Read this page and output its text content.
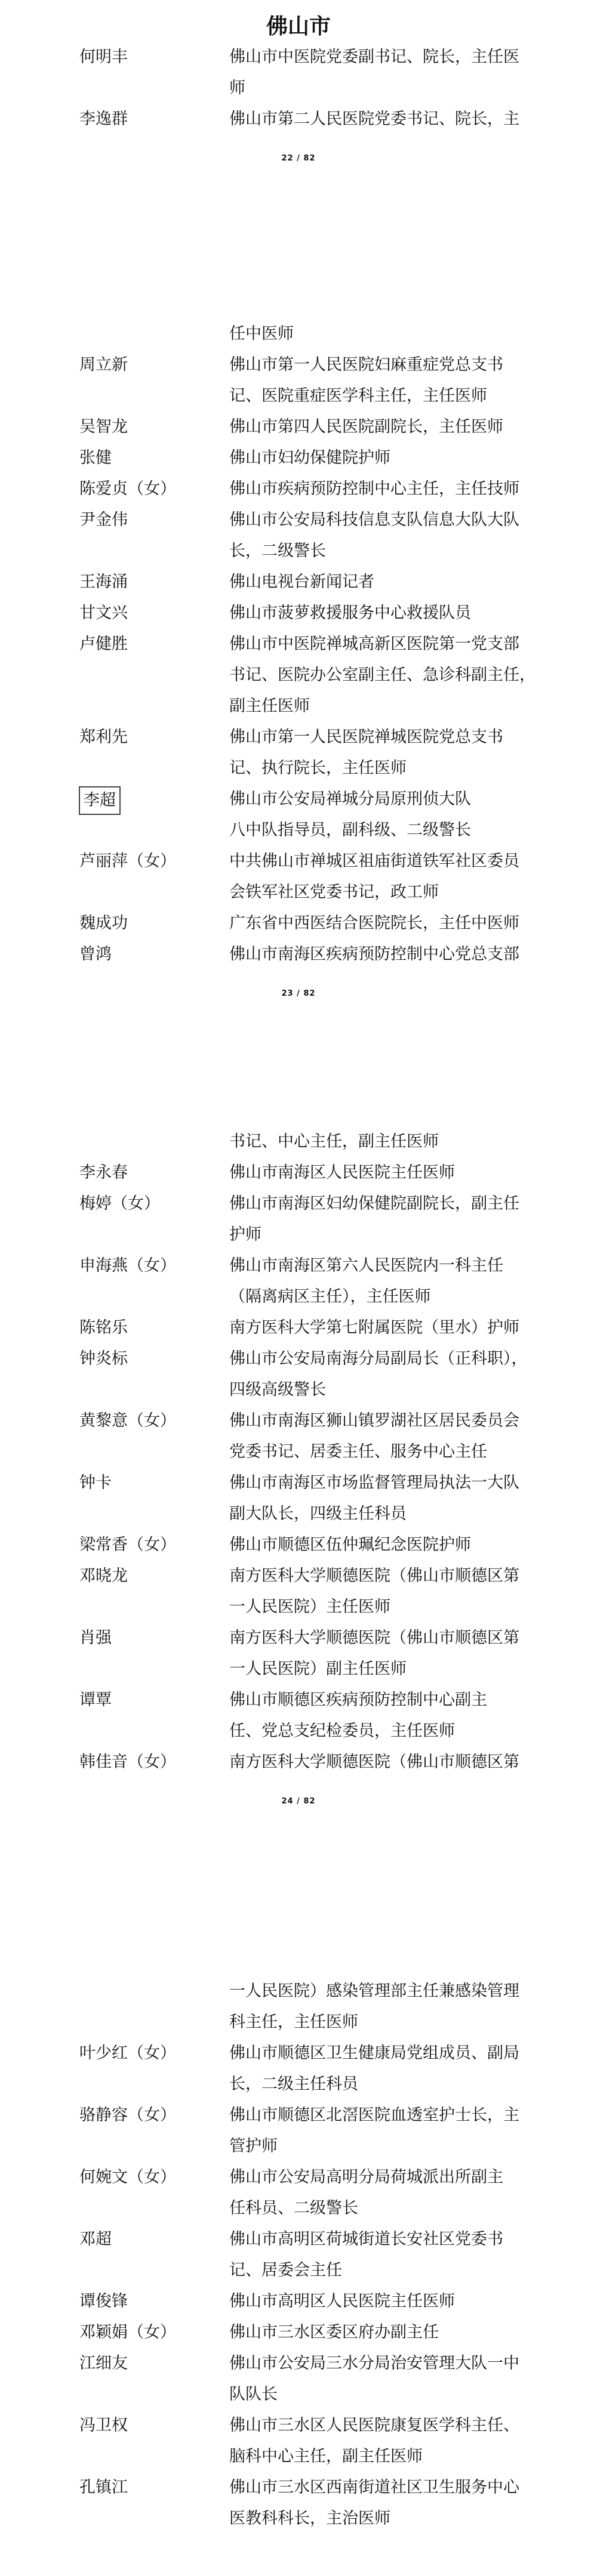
佛山市
何明丰	佛山市中医院党委副书记、院长，主任医
师
李逸群	佛山市第二人民医院党委书记、院长，主
22 / 82
任中医师
周立新	佛山市第一人民医院妇麻重症党总支书
记、医院重症医学科主任，主任医师
吴智龙	佛山市第四人民医院副院长，主任医师
张健	佛山市妇幼保健院护师
陈爱贞（女）	佛山市疾病预防控制中心主任，主任技师
尹金伟	佛山市公安局科技信息支队信息大队大队
长，二级警长
王海涌	佛山电视台新闻记者
甘文兴	佛山市菠萝救援服务中心救援队员
卢健胜	佛山市中医院禅城高新区医院第一党支部
书记、医院办公室副主任、急诊科副主任，
副主任医师
郑利先	佛山市第一人民医院禅城医院党总支书
记、执行院长，主任医师
李超	佛山市公安局禅城分局原刑侦大队
八中队指导员，副科级、二级警长
芦丽萍（女）	中共佛山市禅城区祖庙街道铁军社区委员
会铁军社区党委书记，政工师
魏成功	广东省中西医结合医院院长，主任中医师
曾鸿	佛山市南海区疾病预防控制中心党总支部
23 / 82
书记、中心主任，副主任医师
李永春	佛山市南海区人民医院主任医师
梅婷（女）	佛山市南海区妇幼保健院副院长，副主任
护师
申海燕（女）	佛山市南海区第六人民医院内一科主任
（隔离病区主任），主任医师
陈铭乐	南方医科大学第七附属医院（里水）护师
钟炎标	佛山市公安局南海分局副局长（正科职），
四级高级警长
黄黎意（女）	佛山市南海区狮山镇罗湖社区居民委员会
党委书记、居委主任、服务中心主任
钟卡	佛山市南海区市场监督管理局执法一大队
副大队长，四级主任科员
梁常香（女）	佛山市顺德区伍仲珮纪念医院护师
邓晓龙	南方医科大学顺德医院（佛山市顺德区第
一人民医院）主任医师
肖强	南方医科大学顺德医院（佛山市顺德区第
一人民医院）副主任医师
谭覃	佛山市顺德区疾病预防控制中心副主
任、党总支纪检委员，主任医师
韩佳音（女）	南方医科大学顺德医院（佛山市顺德区第
24 / 82
一人民医院）感染管理部主任兼感染管理
科主任，主任医师
叶少红（女）	佛山市顺德区卫生健康局党组成员、副局
长，二级主任科员
骆静容（女）	佛山市顺德区北滘医院血透室护士长，主
管护师
何婉文（女）	佛山市公安局高明分局荷城派出所副主
任科员、二级警长
邓超	佛山市高明区荷城街道长安社区党委书
记、居委会主任
谭俊锋	佛山市高明区人民医院主任医师
邓颖娟（女）	佛山市三水区委区府办副主任
江细友	佛山市公安局三水分局治安管理大队一中
队队长
冯卫权	佛山市三水区人民医院康复医学科主任、
脑科中心主任，副主任医师
孔镇江	佛山市三水区西南街道社区卫生服务中心
医教科科长，主治医师
